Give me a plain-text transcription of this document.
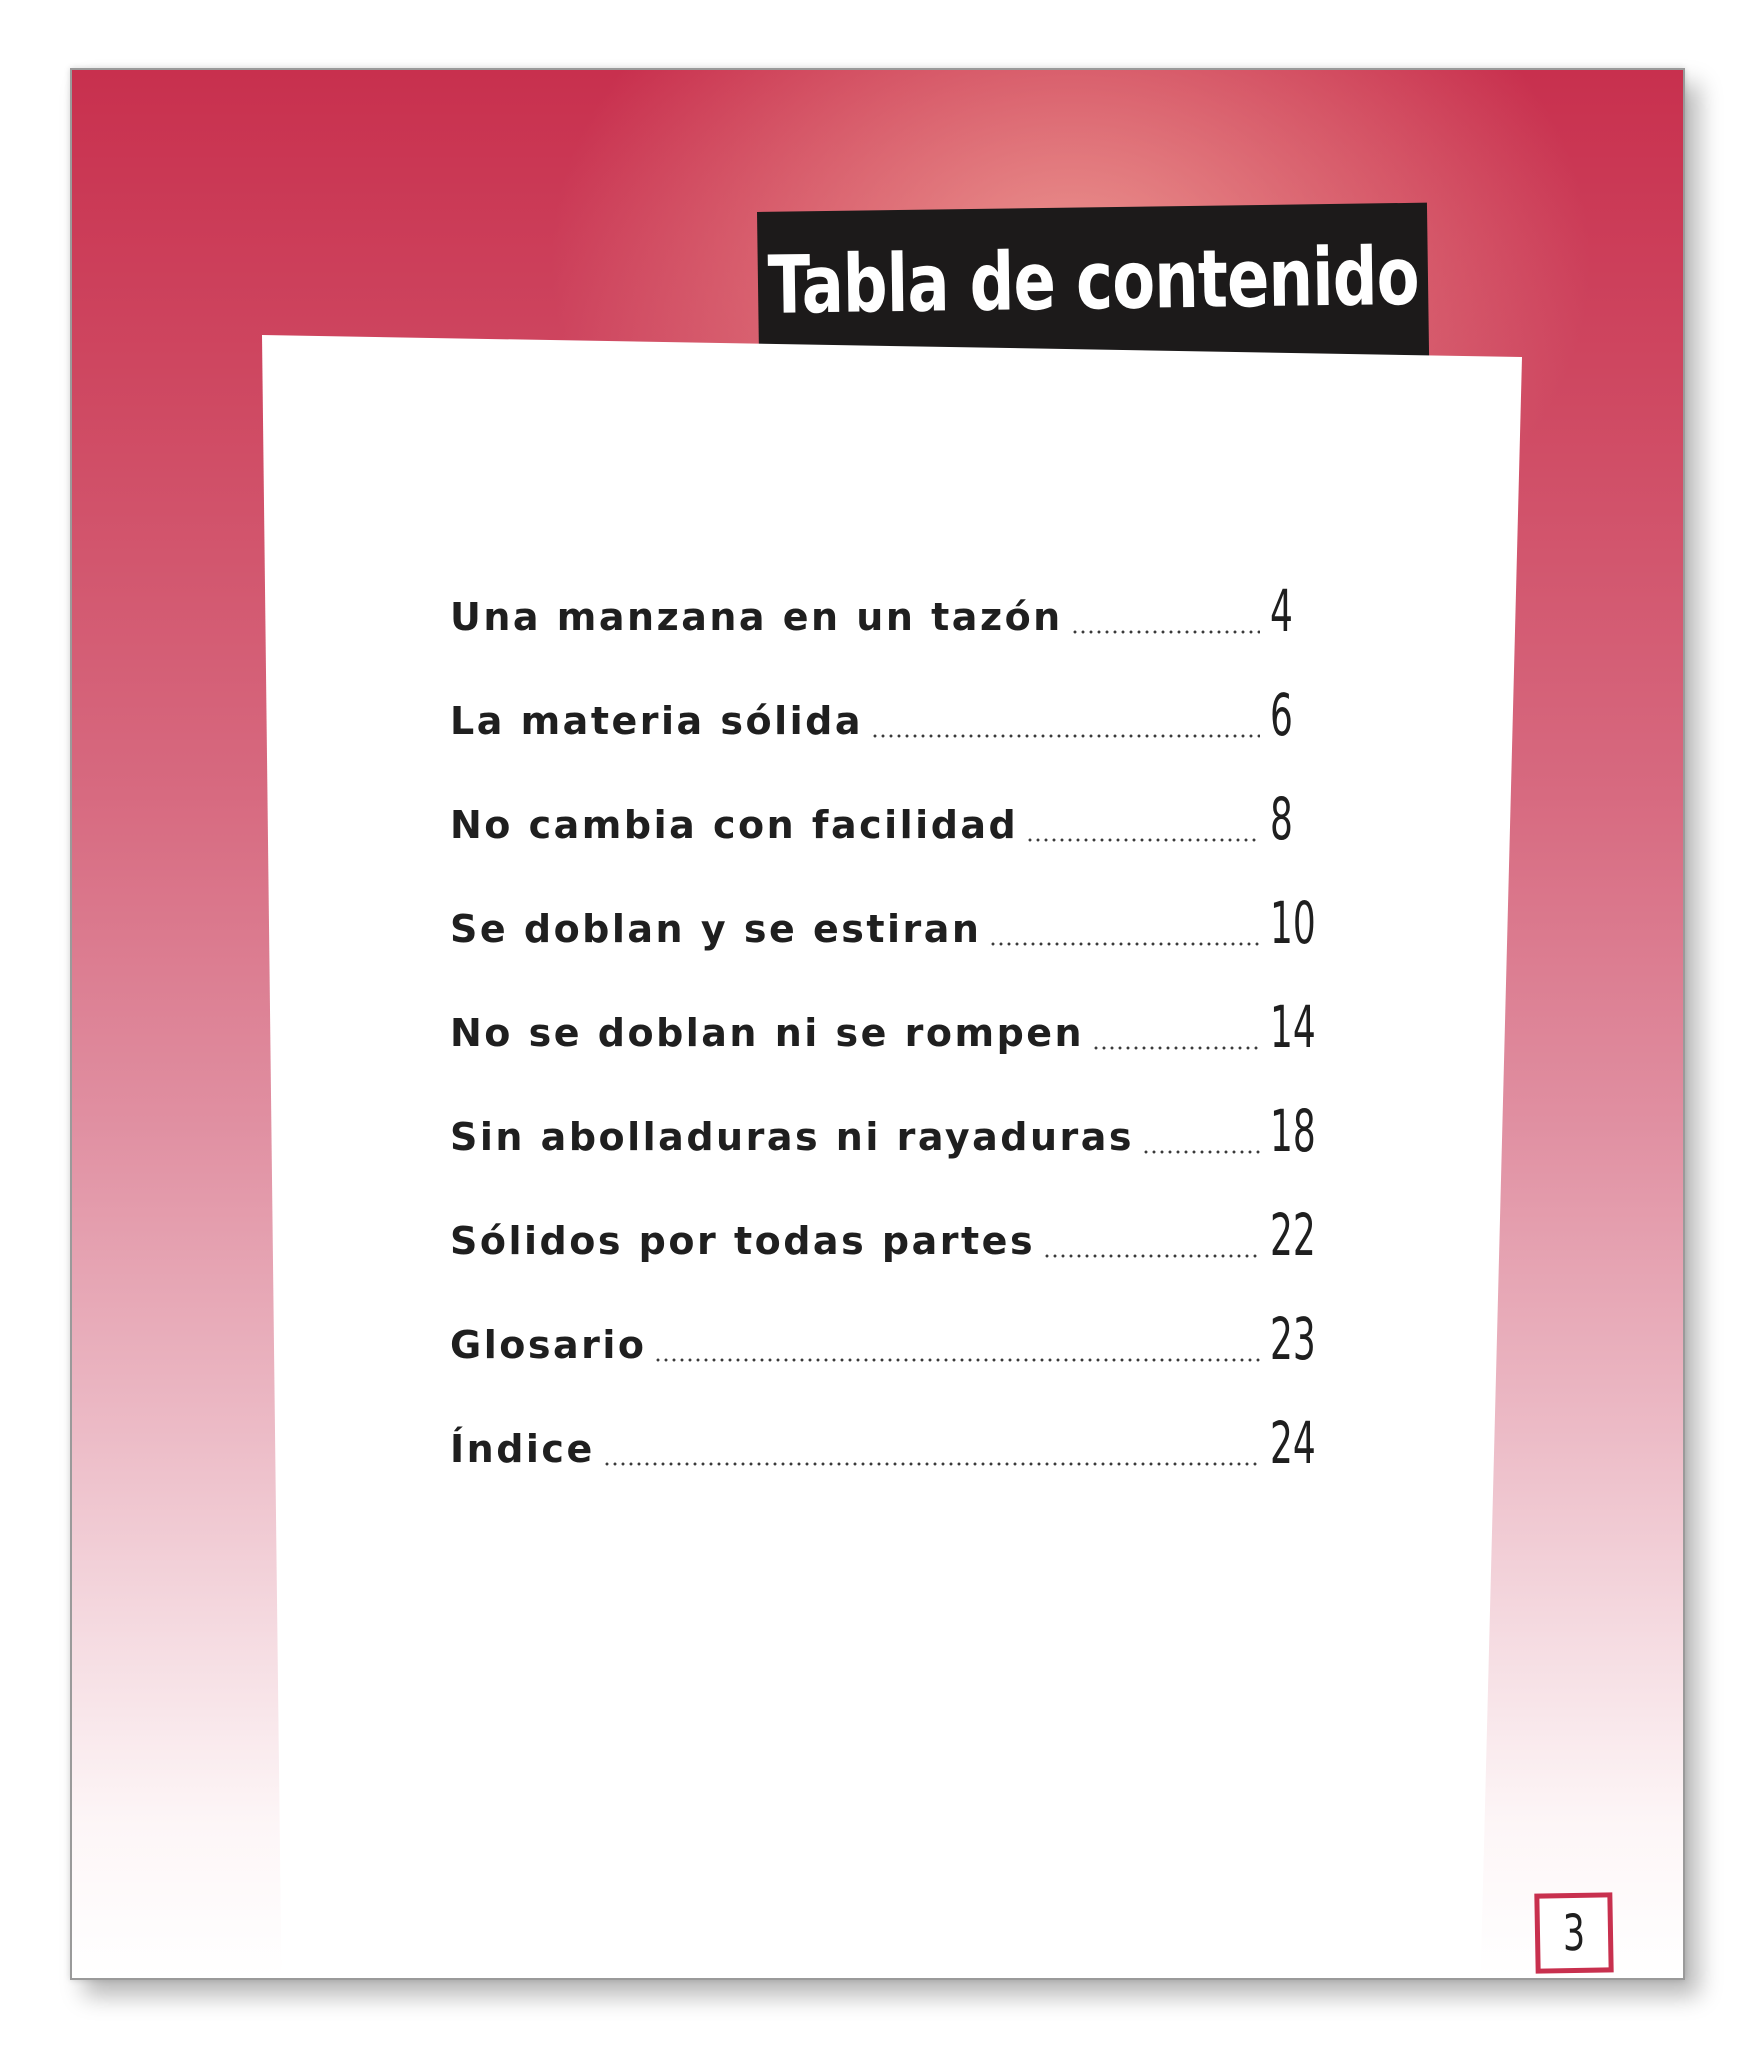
Tabla de contenido
Una manzana en un tazón	4
La materia sólida	6
No cambia con facilidad	8
Se doblan y se estiran	10
No se doblan ni se rompen	14
Sin abolladuras ni rayaduras 18
Sólidos por todas partes	22
Glosario	23
Índice	24
3
